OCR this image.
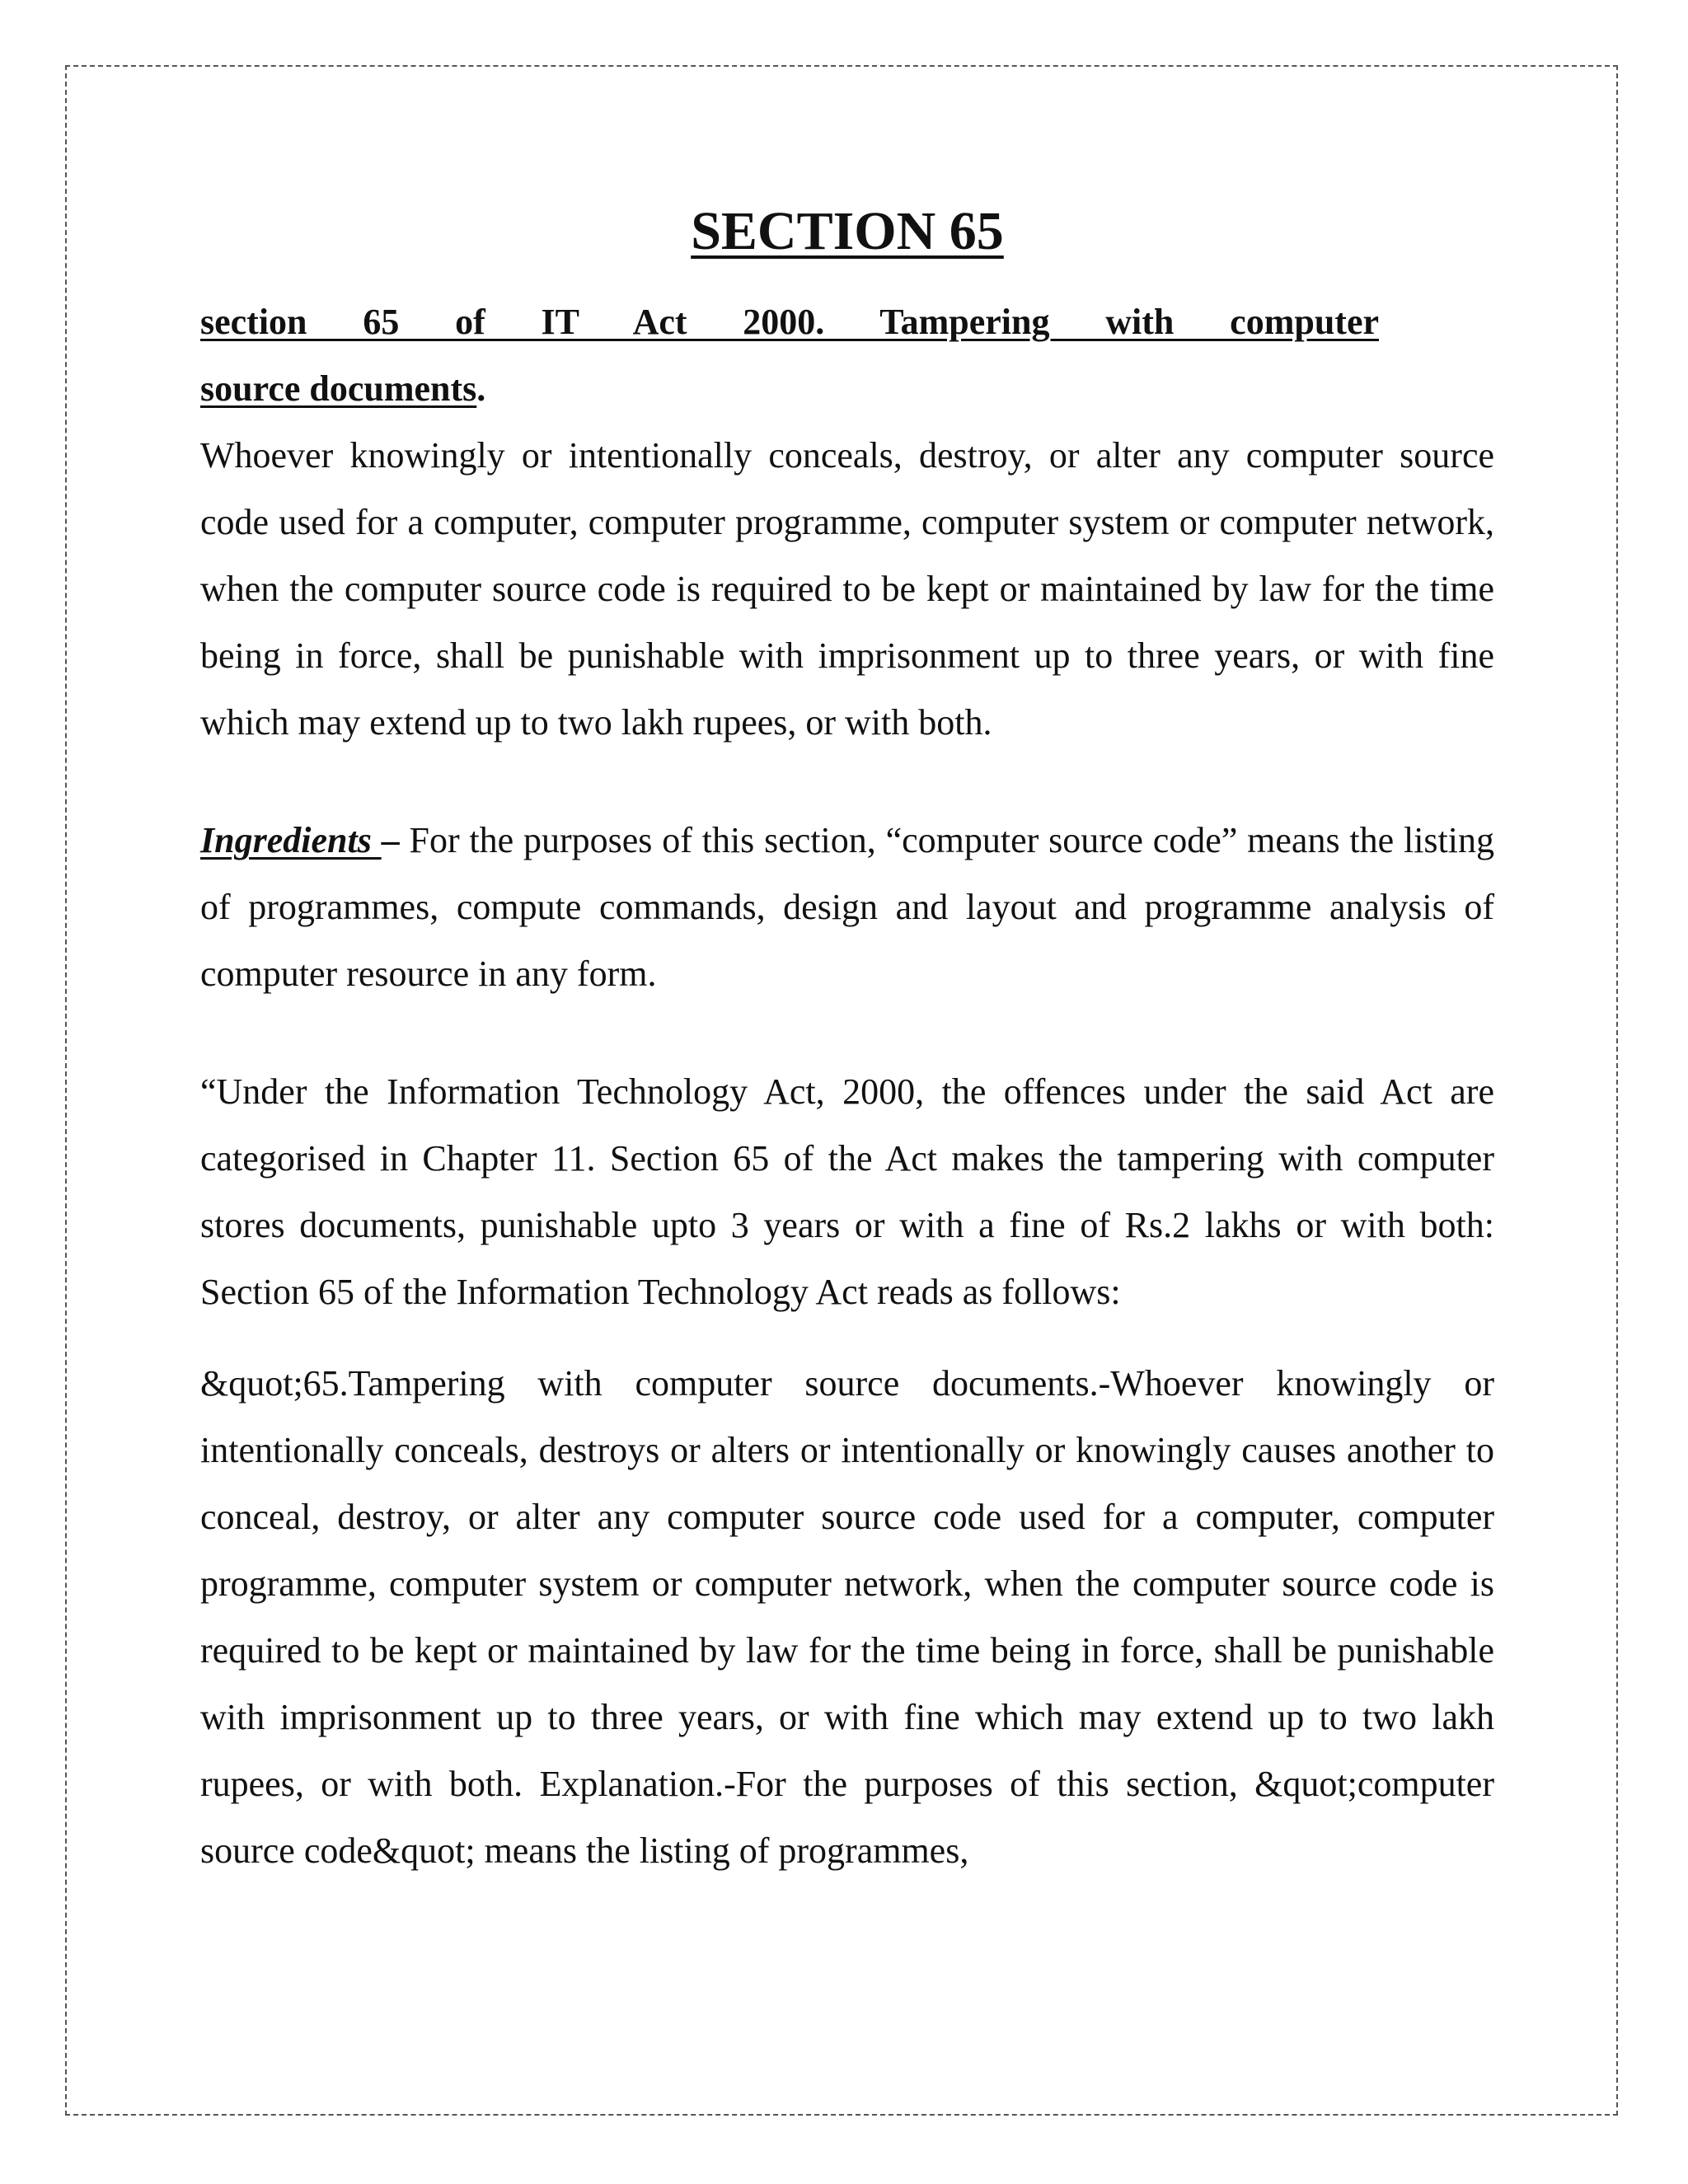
SECTION 65
section 65 of IT Act 2000. Tampering with computer
source documents.

Whoever knowingly or intentionally conceals, destroy, or alter any computer source code used for a computer, computer programme, computer system or computer network, when the computer source code is required to be kept or maintained by law for the time being in force, shall be punishable with imprisonment up to three years, or with fine which may extend up to two lakh rupees, or with both.

Ingredients – For the purposes of this section, “computer source code” means the listing of programmes, compute commands, design and layout and programme analysis of computer resource in any form.

“Under the Information Technology Act, 2000, the offences under the said Act are categorised in Chapter 11. Section 65 of the Act makes the tampering with computer stores documents, punishable upto 3 years or with a fine of Rs.2 lakhs or with both: Section 65 of the Information Technology Act reads as follows:

&quot;65.Tampering with computer source documents.-Whoever knowingly or intentionally conceals, destroys or alters or intentionally or knowingly causes another to conceal, destroy, or alter any computer source code used for a computer, computer programme, computer system or computer network, when the computer source code is required to be kept or maintained by law for the time being in force, shall be punishable with imprisonment up to three years, or with fine which may extend up to two lakh rupees, or with both. Explanation.-For the purposes of this section, &quot;computer source code&quot; means the listing of programmes,
